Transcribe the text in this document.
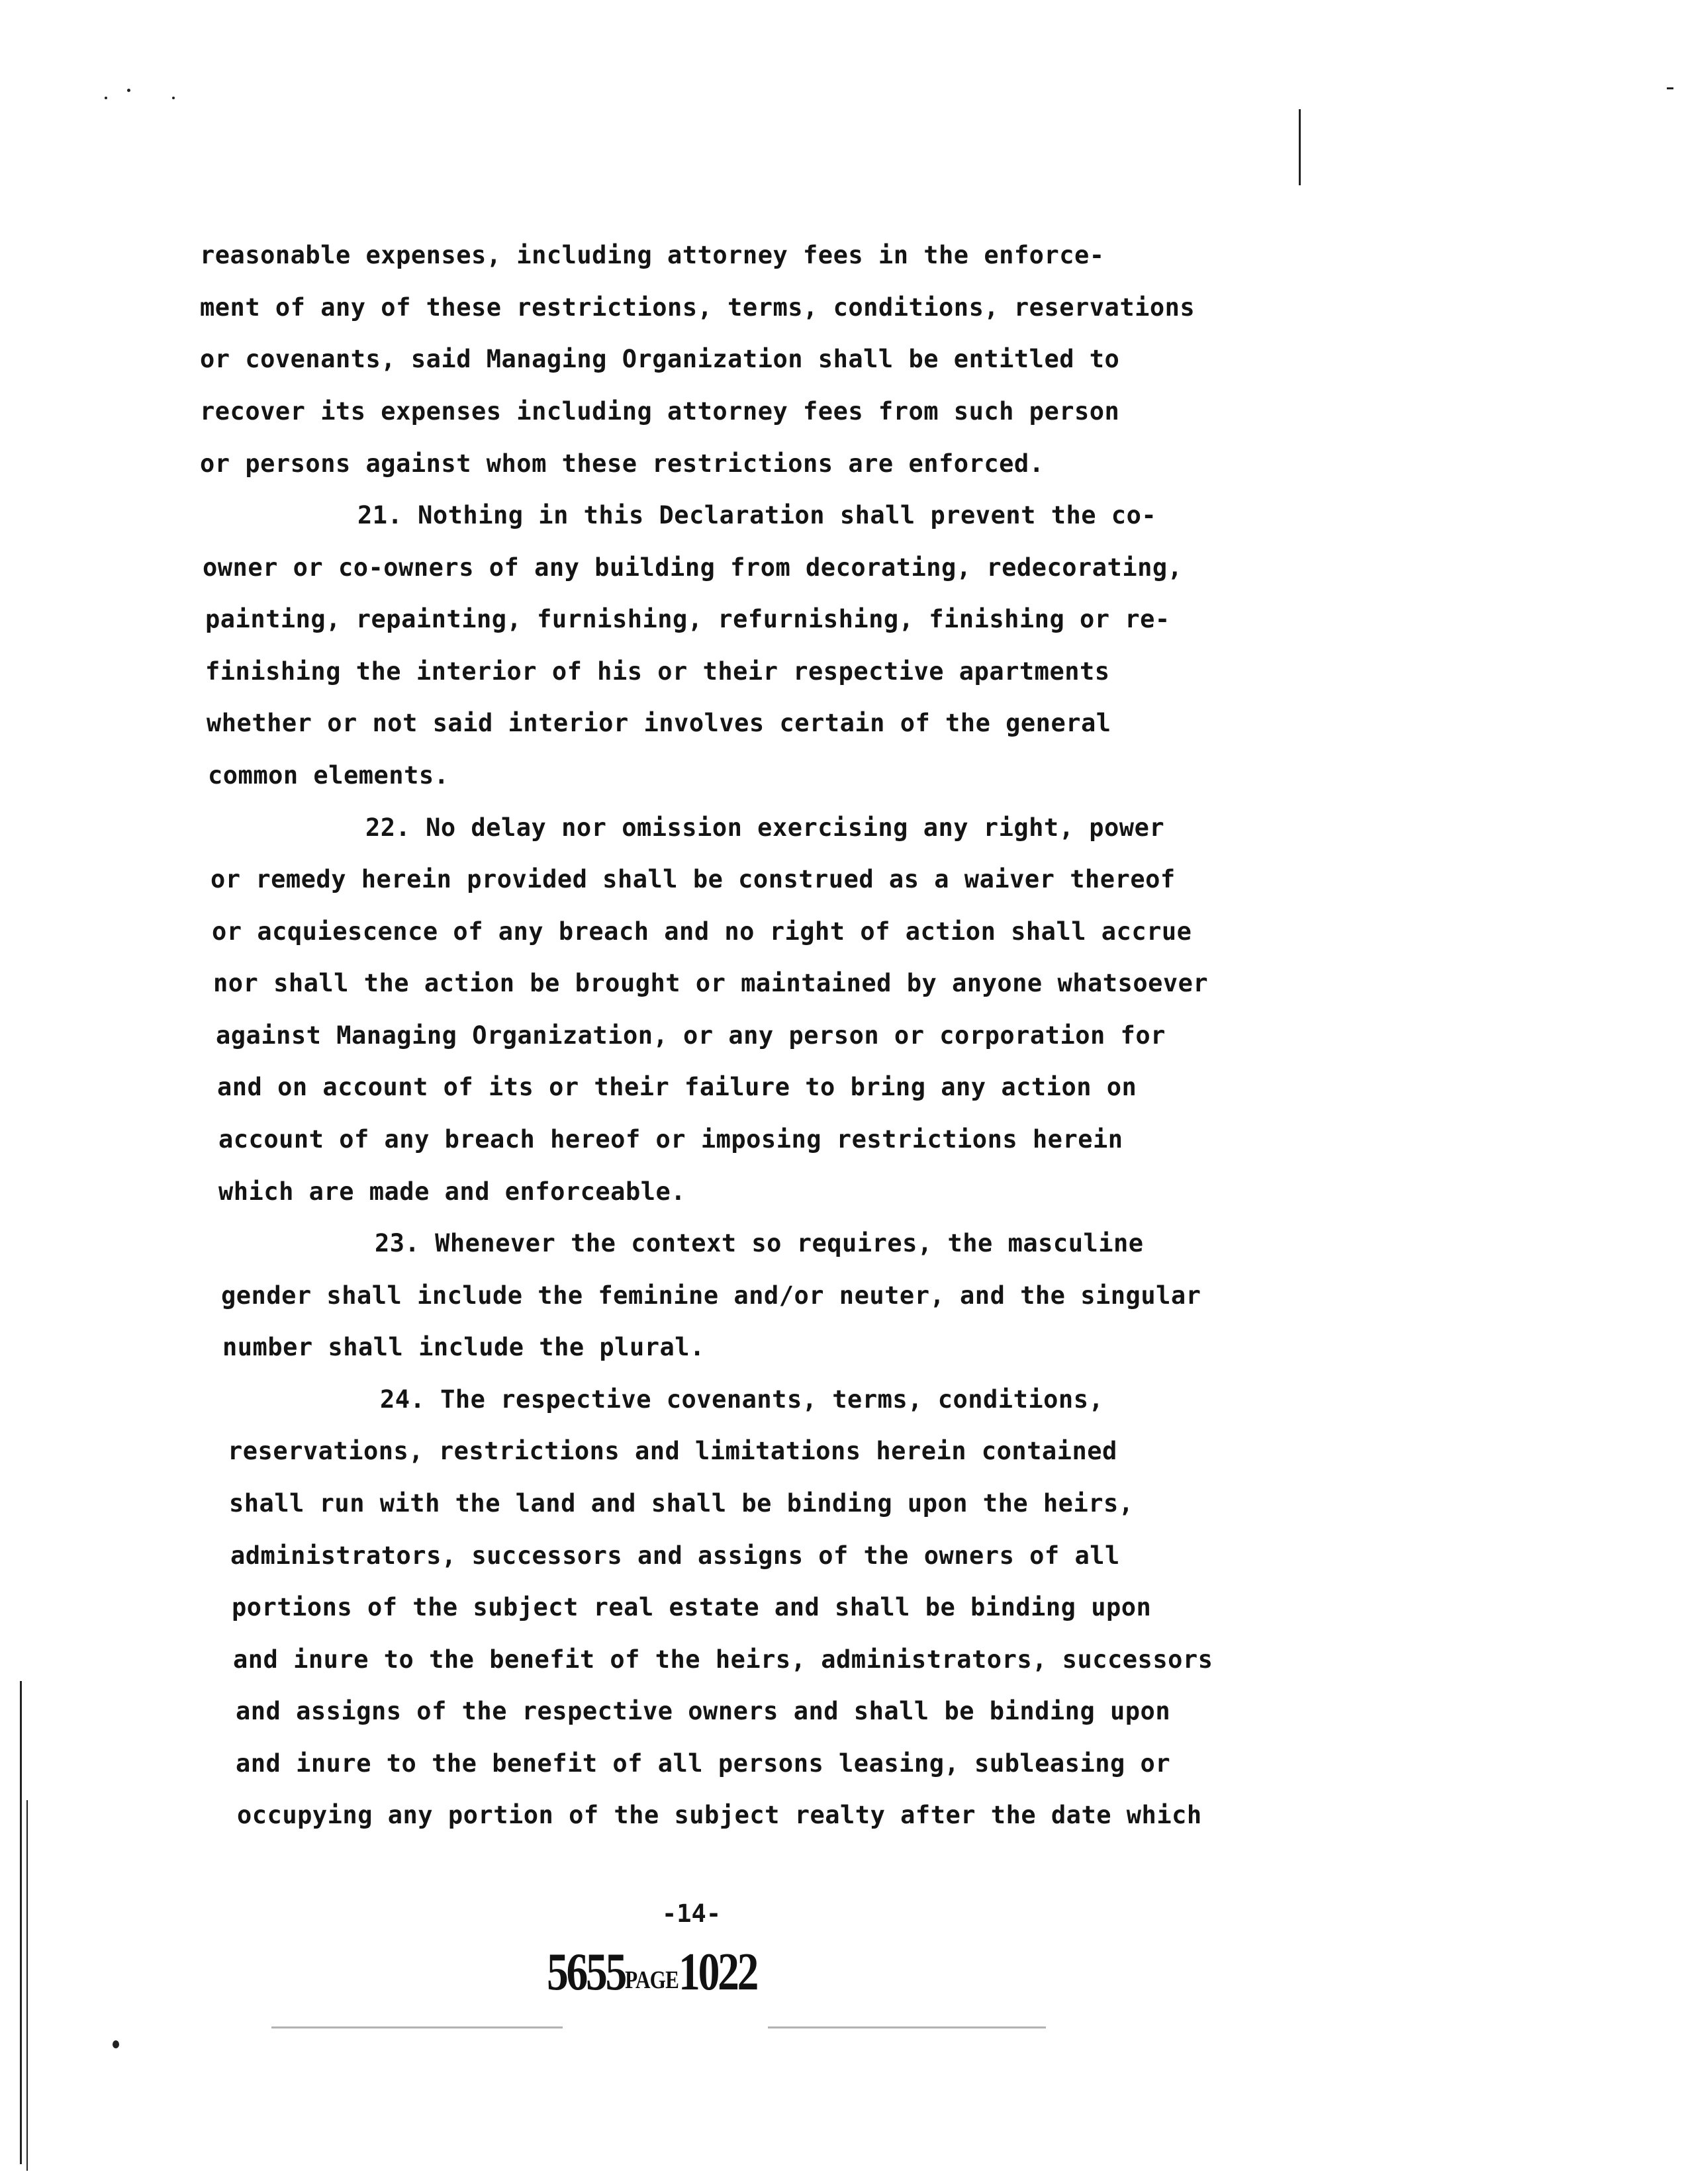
reasonable expenses, including attorney fees in the enforce-
ment of any of these restrictions, terms, conditions, reservations
or covenants, said Managing Organization shall be entitled to
recover its expenses including attorney fees from such person
or persons against whom these restrictions are enforced.
21. Nothing in this Declaration shall prevent the co-
owner or co-owners of any building from decorating, redecorating,
painting, repainting, furnishing, refurnishing, finishing or re-
finishing the interior of his or their respective apartments
whether or not said interior involves certain of the general
common elements.
22. No delay nor omission exercising any right, power
or remedy herein provided shall be construed as a waiver thereof
or acquiescence of any breach and no right of action shall accrue
nor shall the action be brought or maintained by anyone whatsoever
against Managing Organization, or any person or corporation for
and on account of its or their failure to bring any action on
account of any breach hereof or imposing restrictions herein
which are made and enforceable.
23. Whenever the context so requires, the masculine
gender shall include the feminine and/or neuter, and the singular
number shall include the plural.
24. The respective covenants, terms, conditions,
reservations, restrictions and limitations herein contained
shall run with the land and shall be binding upon the heirs,
administrators, successors and assigns of the owners of all
portions of the subject real estate and shall be binding upon
and inure to the benefit of the heirs, administrators, successors
and assigns of the respective owners and shall be binding upon
and inure to the benefit of all persons leasing, subleasing or
occupying any portion of the subject realty after the date which
-14-
5655PAGE1022
